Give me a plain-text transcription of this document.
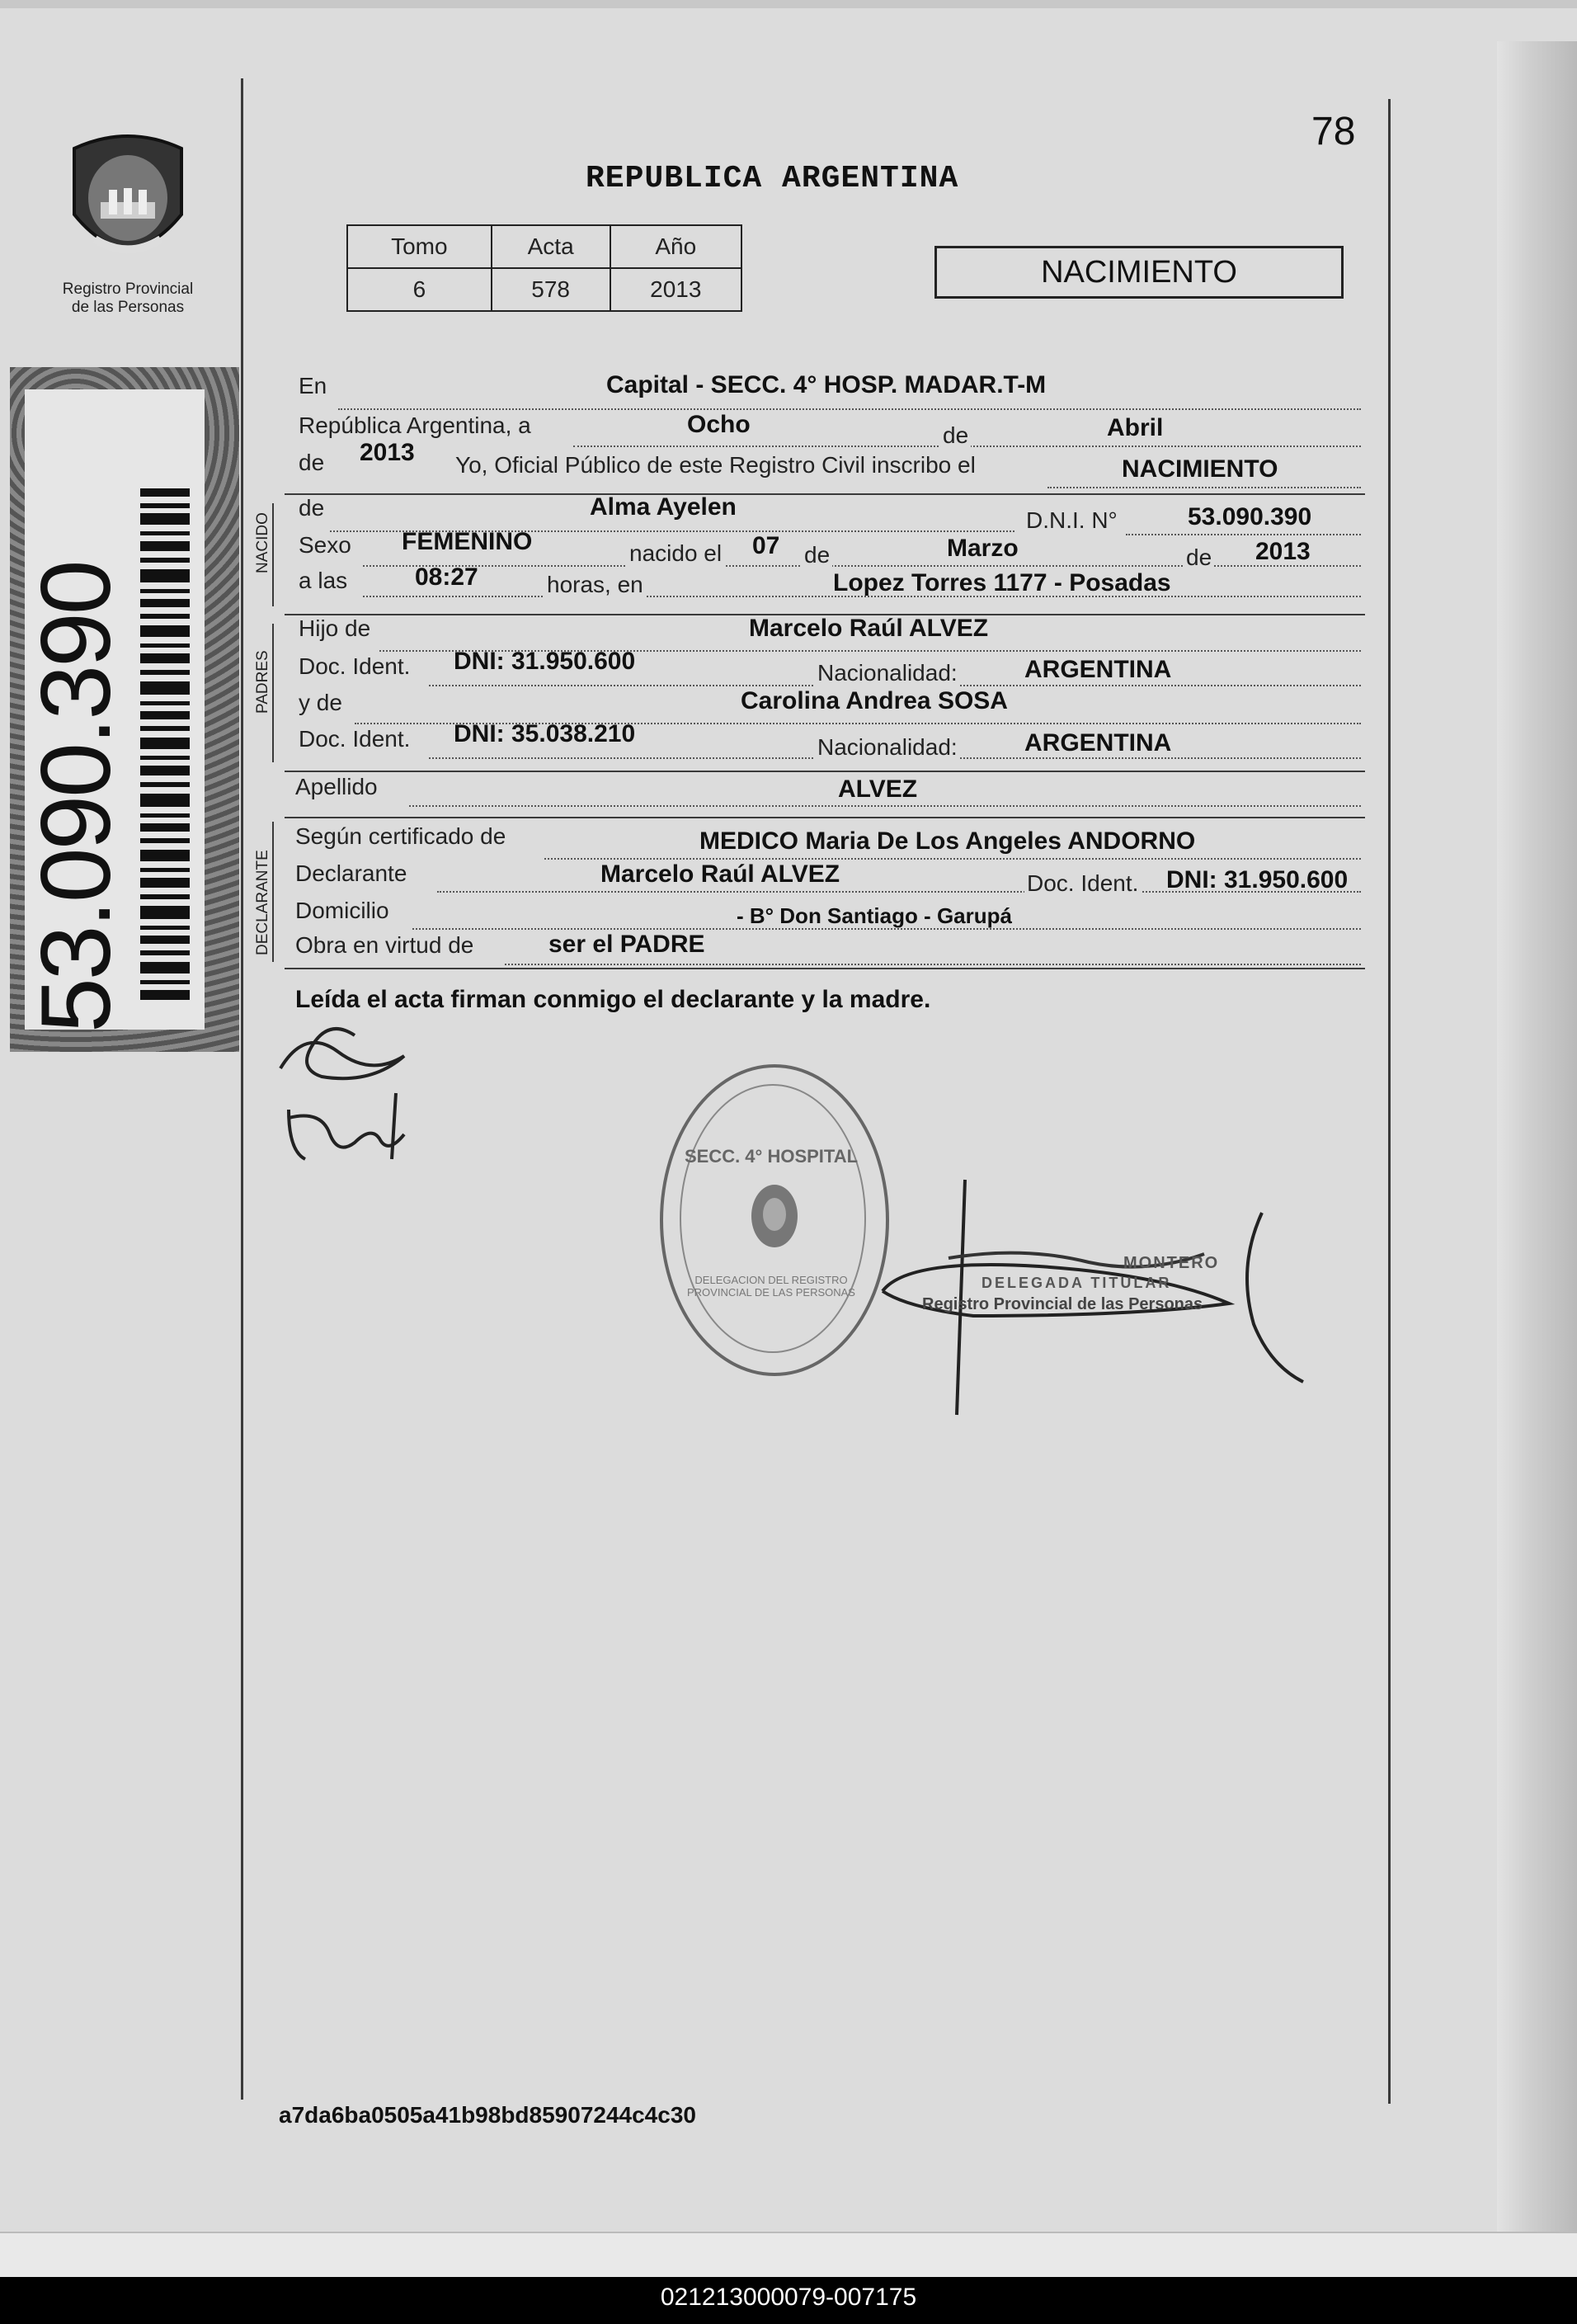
Registro Provincial
de las Personas
78
REPUBLICA ARGENTINA
Tomo	Acta	Año
6	578	2013	NACIMIENTO
53.090.390
NACIDO
PADRES
DECLARANTE
En	Capital - SECC. 4° HOSP. MADAR.T-M
República Argentina, a	Ocho	de	Abril
de 2013 Yo, Oficial Público de este Registro Civil inscribo el	NACIMIENTO
de	Alma Ayelen	D.N.I. N°	53.090.390
Sexo FEMENINO	nacido el 07 de	Marzo	de 2013
a las	08:27	horas, en	Lopez Torres 1177 - Posadas
Hijo de	Marcelo Raúl ALVEZ
Doc. Ident. DNI: 31.950.600	Nacionalidad:	ARGENTINA
y de	Carolina Andrea SOSA
Doc. Ident. DNI: 35.038.210	Nacionalidad:	ARGENTINA
Apellido	ALVEZ
Según certificado de	MEDICO Maria De Los Angeles ANDORNO
Declarante	Marcelo Raúl ALVEZ	Doc. Ident. DNI: 31.950.600
Domicilio	- B° Don Santiago - Garupá
Obra en virtud de	ser el PADRE
Leída el acta firman conmigo el declarante y la madre.
SECC. 4° HOSPITAL
DELEGACION DEL REGISTRO PROVINCIAL DE LAS PERSONAS
MONTERO
DELEGADA TITULAR
Registro Provincial de las Personas
a7da6ba0505a41b98bd85907244c4c30
021213000079-007175
